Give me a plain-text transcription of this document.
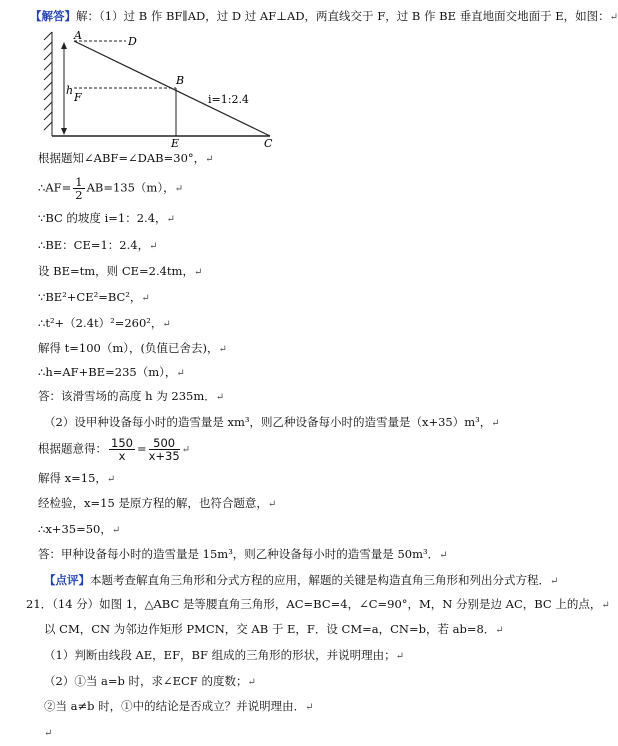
【解答】解：（1）过 B 作 BF∥AD，过 D 过 AF⊥AD，两直线交于 F，过 B 作 BE 垂直地面交地面于 E，如图：↵
A	D
h
F
B
E	C
i=1:2.4
根据题知∠ABF=∠DAB=30°，↵
∴AF= $\frac{1}{2} AB=135(m)$，↵
∵BC 的坡度 i=1：2.4，↵
∴BE：CE=1：2.4，↵
设 BE=tm，则 CE=2.4tm，↵
∵BE²+CE²=BC²，↵
∴t²+（2.4t）²=260²，↵
解得 t=100（m），(负值已舍去)，↵
∴h=AF+BE=235（m），↵
答：该滑雪场的高度 h 为 235m．↵
（2）设甲种设备每小时的造雪量是 xm³，则乙种设备每小时的造雪量是（x+35）m³，↵
根据题意得： $\frac{150}{x} = \frac{500}{x+35}$ ↵
解得 x=15，↵
经检验，x=15 是原方程的解，也符合题意，↵
∴x+35=50，↵
答：甲种设备每小时的造雪量是 15m³，则乙种设备每小时的造雪量是 50m³．↵
【点评】本题考查解直角三角形和分式方程的应用，解题的关键是构造直角三角形和列出分式方程．↵
21．（14 分）如图 1，△ABC 是等腰直角三角形，AC=BC=4，∠C=90°，M，N 分别是边 AC，BC 上的点，↵
以 CM，CN 为邻边作矩形 PMCN，交 AB 于 E，F．设 CM=a，CN=b，若 ab=8．↵
（1）判断由线段 AE，EF，BF 组成的三角形的形状，并说明理由；↵
（2）①当 a=b 时，求∠ECF 的度数；↵
②当 a≠b 时，①中的结论是否成立？并说明理由．↵
↵
